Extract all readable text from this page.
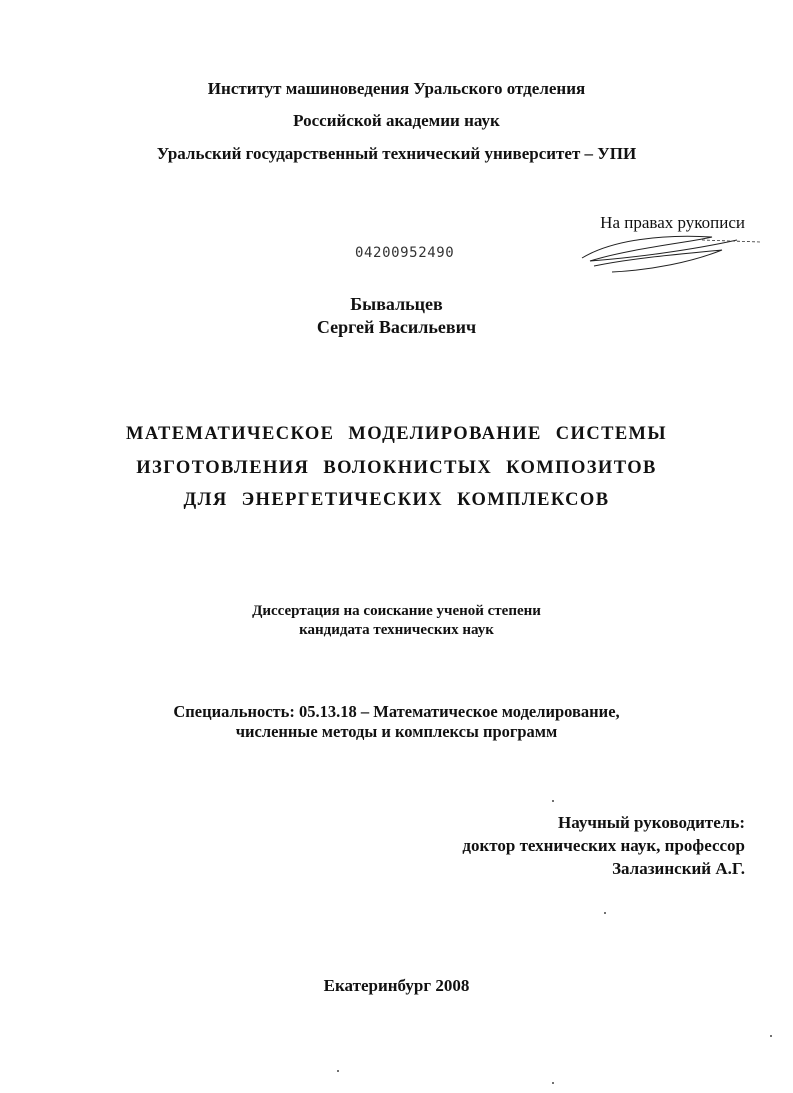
Институт машиноведения Уральского отделения
Российской академии наук
Уральский государственный технический университет – УПИ
На правах рукописи
04200952490
Бывальцев
Сергей Васильевич
МАТЕМАТИЧЕСКОЕ МОДЕЛИРОВАНИЕ СИСТЕМЫ
ИЗГОТОВЛЕНИЯ ВОЛОКНИСТЫХ КОМПОЗИТОВ
ДЛЯ ЭНЕРГЕТИЧЕСКИХ КОМПЛЕКСОВ
Диссертация на соискание ученой степени
кандидата технических наук
Специальность: 05.13.18 – Математическое моделирование,
численные методы и комплексы программ
Научный руководитель:
доктор технических наук, профессор
Залазинский А.Г.
Екатеринбург 2008
